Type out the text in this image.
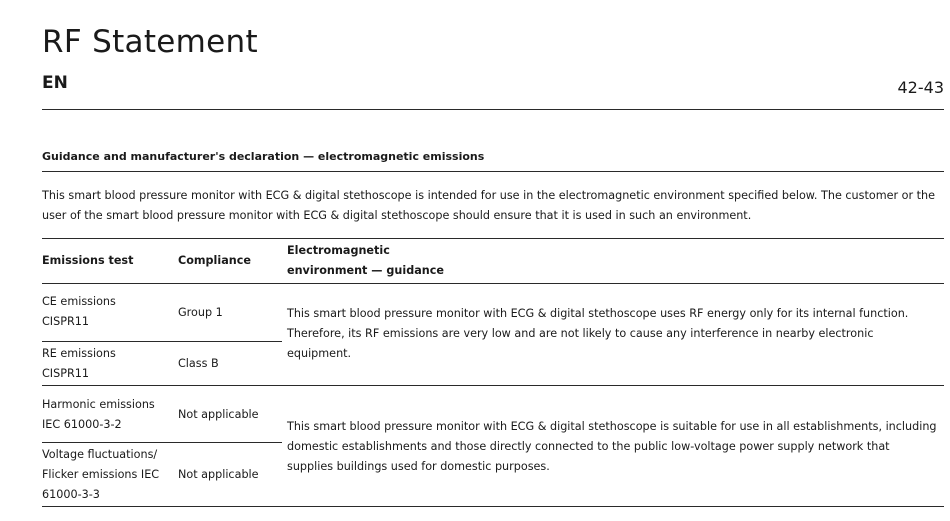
RF Statement
EN	42-43
Guidance and manufacturer's declaration — electromagnetic emissions
This smart blood pressure monitor with ECG & digital stethoscope is intended for use in the electromagnetic environment specified below. The customer or the user of the smart blood pressure monitor with ECG & digital stethoscope should ensure that it is used in such an environment.
Emissions test	Compliance
Electromagnetic
environment — guidance
CE emissions
CISPR11
Group 1
RE emissions
CISPR11
Class B
This smart blood pressure monitor with ECG & digital stethoscope uses RF energy only for its internal function. Therefore, its RF emissions are very low and are not likely to cause any interference in nearby electronic equipment.
Harmonic emissions
IEC 61000-3-2
Not applicable
Voltage fluctuations/
Flicker emissions IEC
61000-3-3
Not applicable
This smart blood pressure monitor with ECG & digital stethoscope is suitable for use in all establishments, including domestic establishments and those directly connected to the public low-voltage power supply network that supplies buildings used for domestic purposes.
